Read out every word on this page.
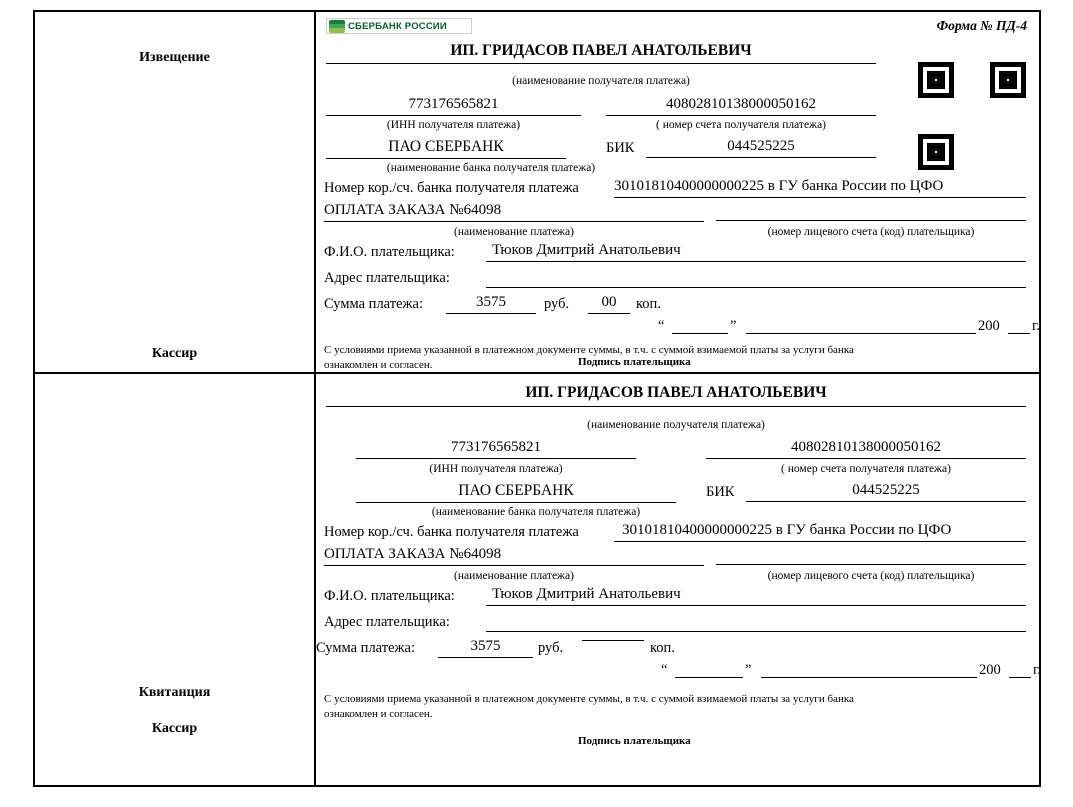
Извещение
Кассир
СБЕРБАНК РОССИИ	Форма № ПД-4
ИП. ГРИДАСОВ ПАВЕЛ АНАТОЛЬЕВИЧ
(наименование получателя платежа)
773176565821	40802810138000050162
(ИНН получателя платежа)	( номер счета получателя платежа)
ПАО СБЕРБАНК	БИК	044525225
(наименование банка получателя платежа)
Номер кор./сч. банка получателя платежа 30101810400000000225 в ГУ банка России по ЦФО
ОПЛАТА ЗАКАЗА №64098
(наименование платежа)	(номер лицевого счета (код) плательщика)
Ф.И.О. плательщика:	Тюков Дмитрий Анатольевич
Адрес плательщика:
Сумма платежа:	3575	руб.	00	коп.
“	”	200 г.
С условиями приема указанной в платежном документе суммы, в т.ч. с суммой взимаемой платы за услуги банка
ознакомлен и согласен.	Подпись плательщика
Квитанция
Кассир
ИП. ГРИДАСОВ ПАВЕЛ АНАТОЛЬЕВИЧ
(наименование получателя платежа)
773176565821	40802810138000050162
(ИНН получателя платежа)	( номер счета получателя платежа)
ПАО СБЕРБАНК	БИК	044525225
(наименование банка получателя платежа)
Номер кор./сч. банка получателя платежа	30101810400000000225 в ГУ банка России по ЦФО
ОПЛАТА ЗАКАЗА №64098
(наименование платежа)	(номер лицевого счета (код) плательщика)
Ф.И.О. плательщика:	Тюков Дмитрий Анатольевич
Адрес плательщика:
Сумма платежа:	3575	руб.	коп.
“	”	200 г.
С условиями приема указанной в платежном документе суммы, в т.ч. с суммой взимаемой платы за услуги банка
ознакомлен и согласен.
Подпись плательщика
